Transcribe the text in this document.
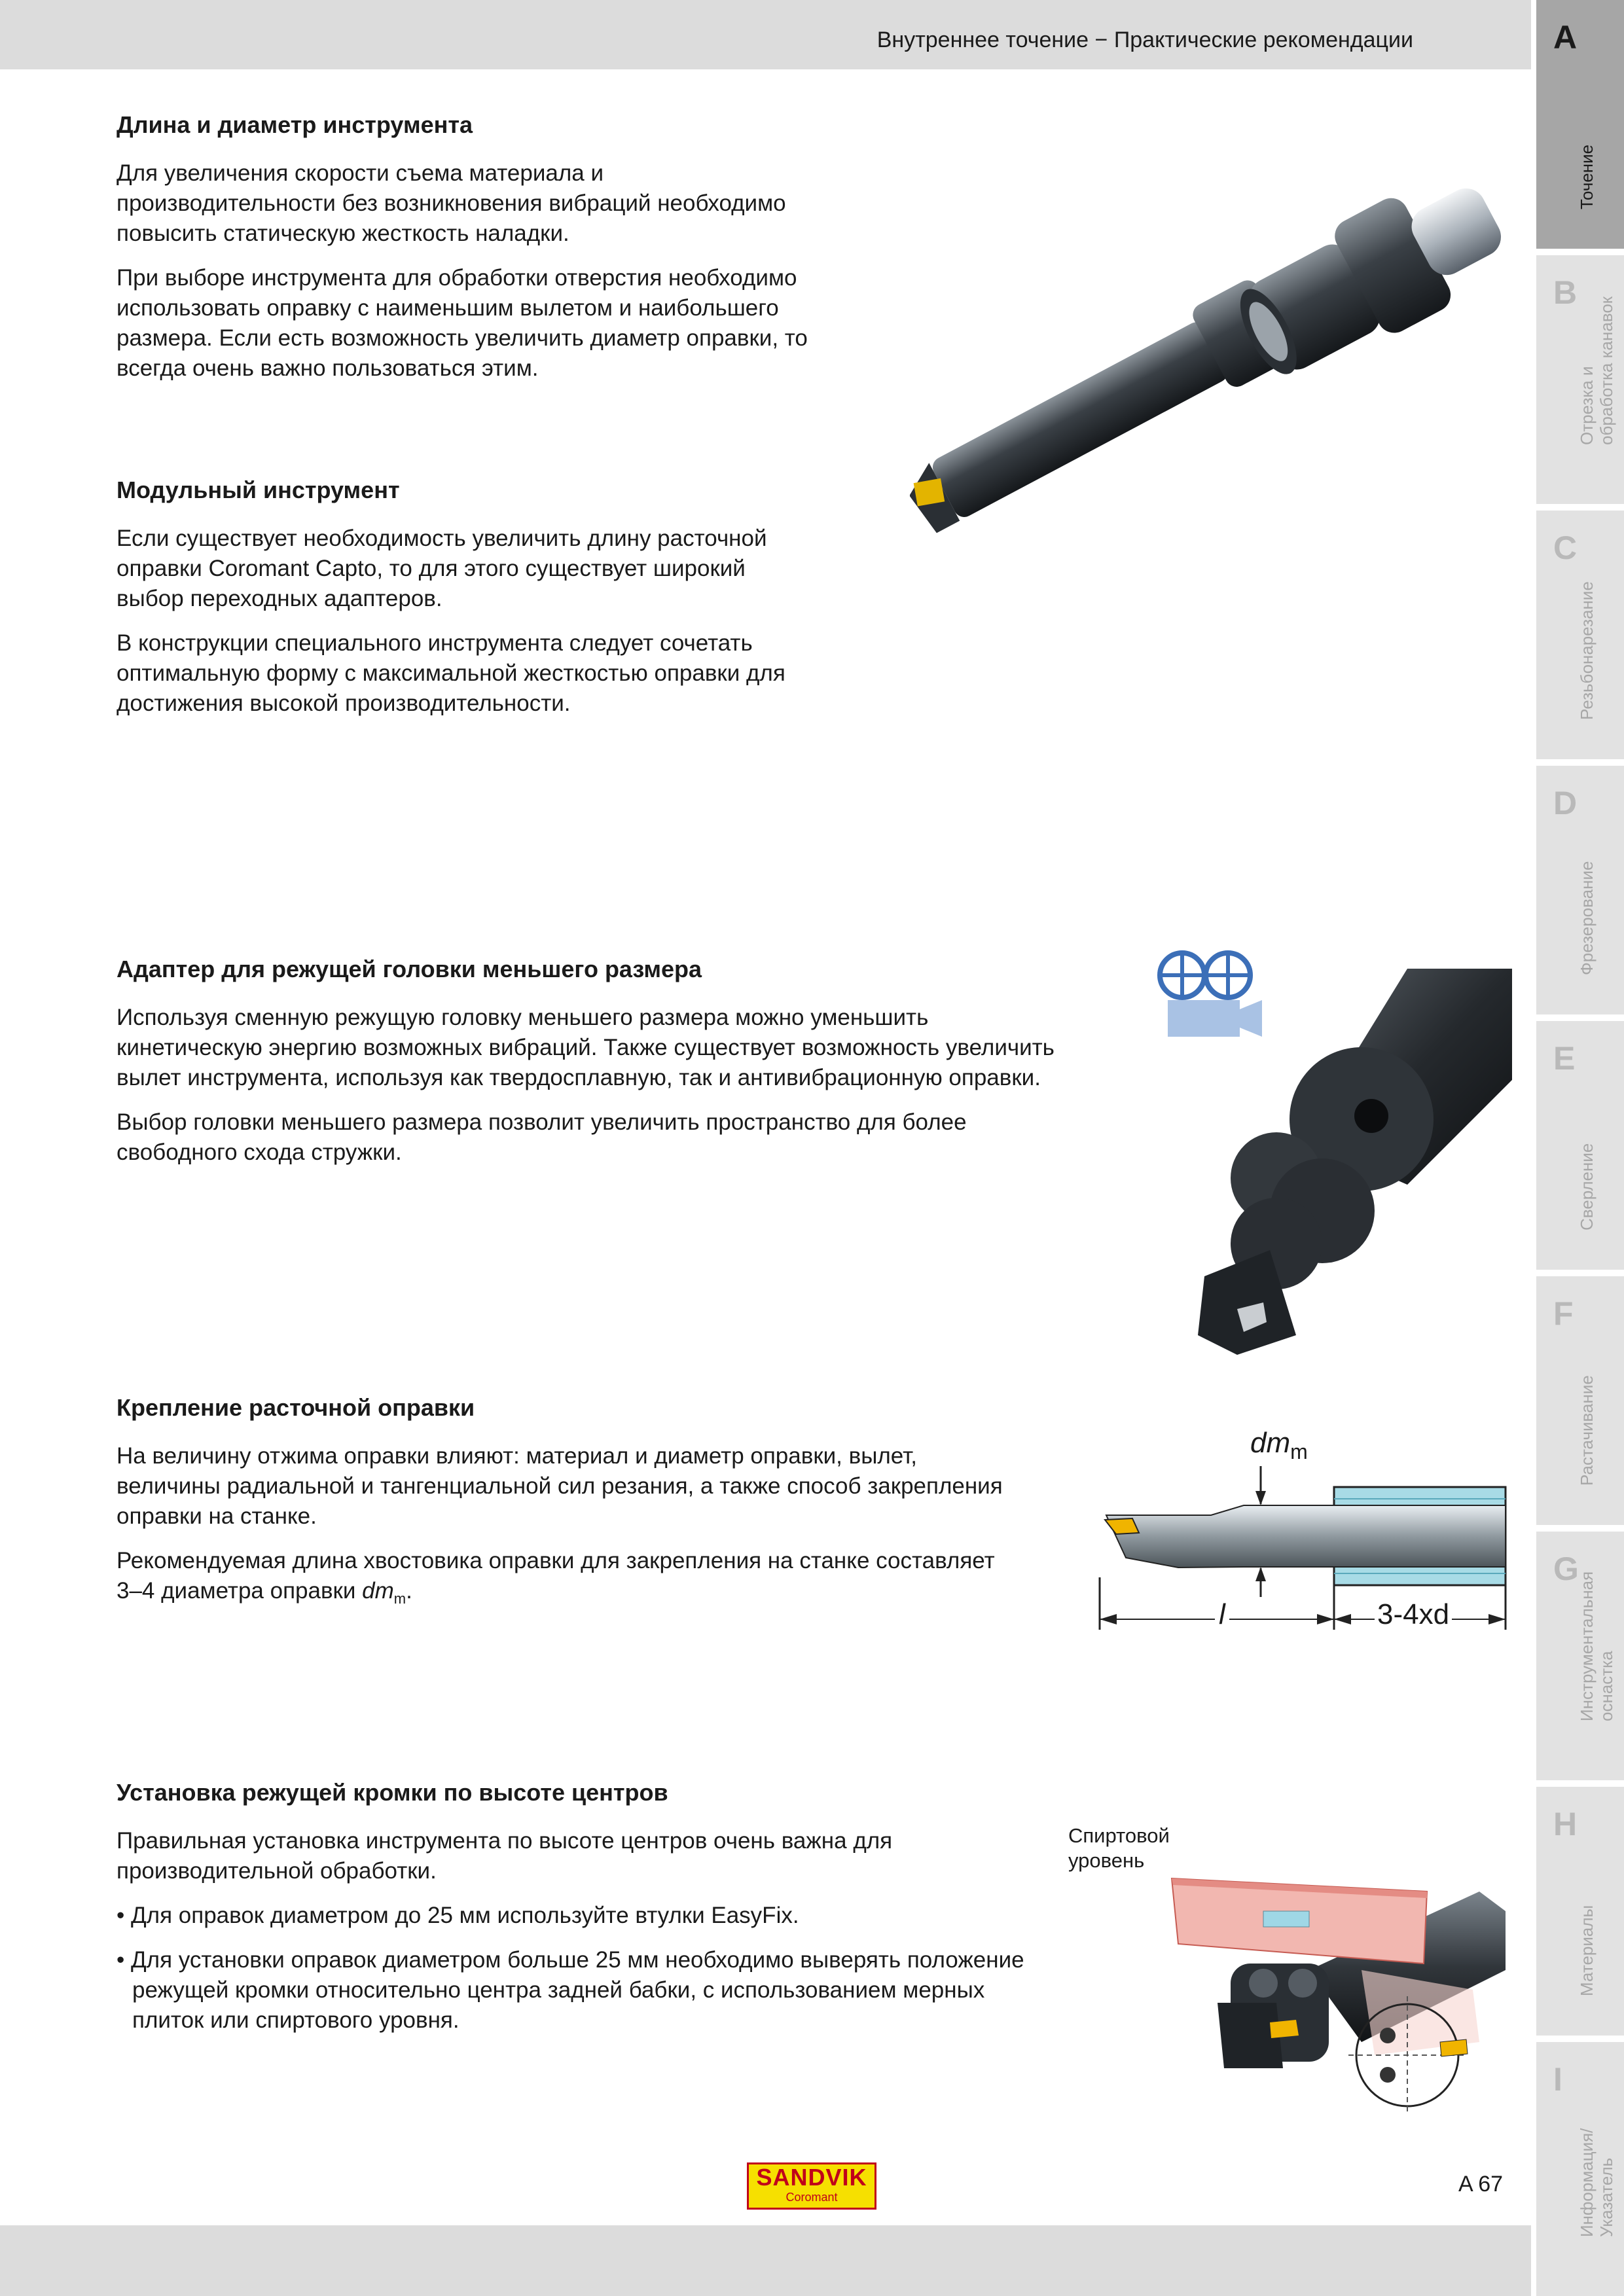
Внутреннее точение − Практические рекомендации	A
Точение
B
Отрезка и
обработка канавок
C
Резьбонарезание
D
Фрезерование
E
Сверление
F
Растачивание
G
Инструментальная
оснастка
H
Материалы
I
Информация/
Указатель
Длина и диаметр инструмента
Для увеличения скорости съема материала и производительности без возникновения вибраций необходимо повысить статическую жесткость наладки.
При выборе инструмента для обработки отверстия необходимо использовать оправку с наименьшим вылетом и наибольшего размера. Если есть возможность увеличить диаметр оправки, то всегда очень важно пользоваться этим.
Модульный инструмент
Если существует необходимость увеличить длину расточной оправки Coromant Capto, то для этого существует широкий выбор переходных адаптеров.
В конструкции специального инструмента следует сочетать оптимальную форму с максимальной жесткостью оправки для достижения высокой производительности.
Адаптер для режущей головки меньшего размера
Используя сменную режущую головку меньшего размера можно уменьшить кинетическую энергию возможных вибраций. Также существует возможность увеличить вылет инструмента, используя как твердосплавную, так и антивибрационную оправки.
Выбор головки меньшего размера позволит увеличить пространство для более свободного схода стружки.
Крепление расточной оправки
На величину отжима оправки влияют: материал и диаметр оправки, вылет, величины радиальной и тангенциальной сил резания, а также способ закрепления оправки на станке.
Рекомендуемая длина хвостовика оправки для закрепления на станке составляет 3–4 диаметра оправки $dm_m$.
$dm_m$
l	3-4xd
Установка режущей кромки по высоте центров
Правильная установка инструмента по высоте центров очень важна для производительной обработки.
• Для оправок диаметром до 25 мм используйте втулки EasyFix.
• Для установки оправок диаметром больше 25 мм необходимо выверять положение режущей кромки относительно центра задней бабки, с использованием мерных плиток или спиртового уровня.
Спиртовой
уровень
SANDVIK
Coromant
A 67
